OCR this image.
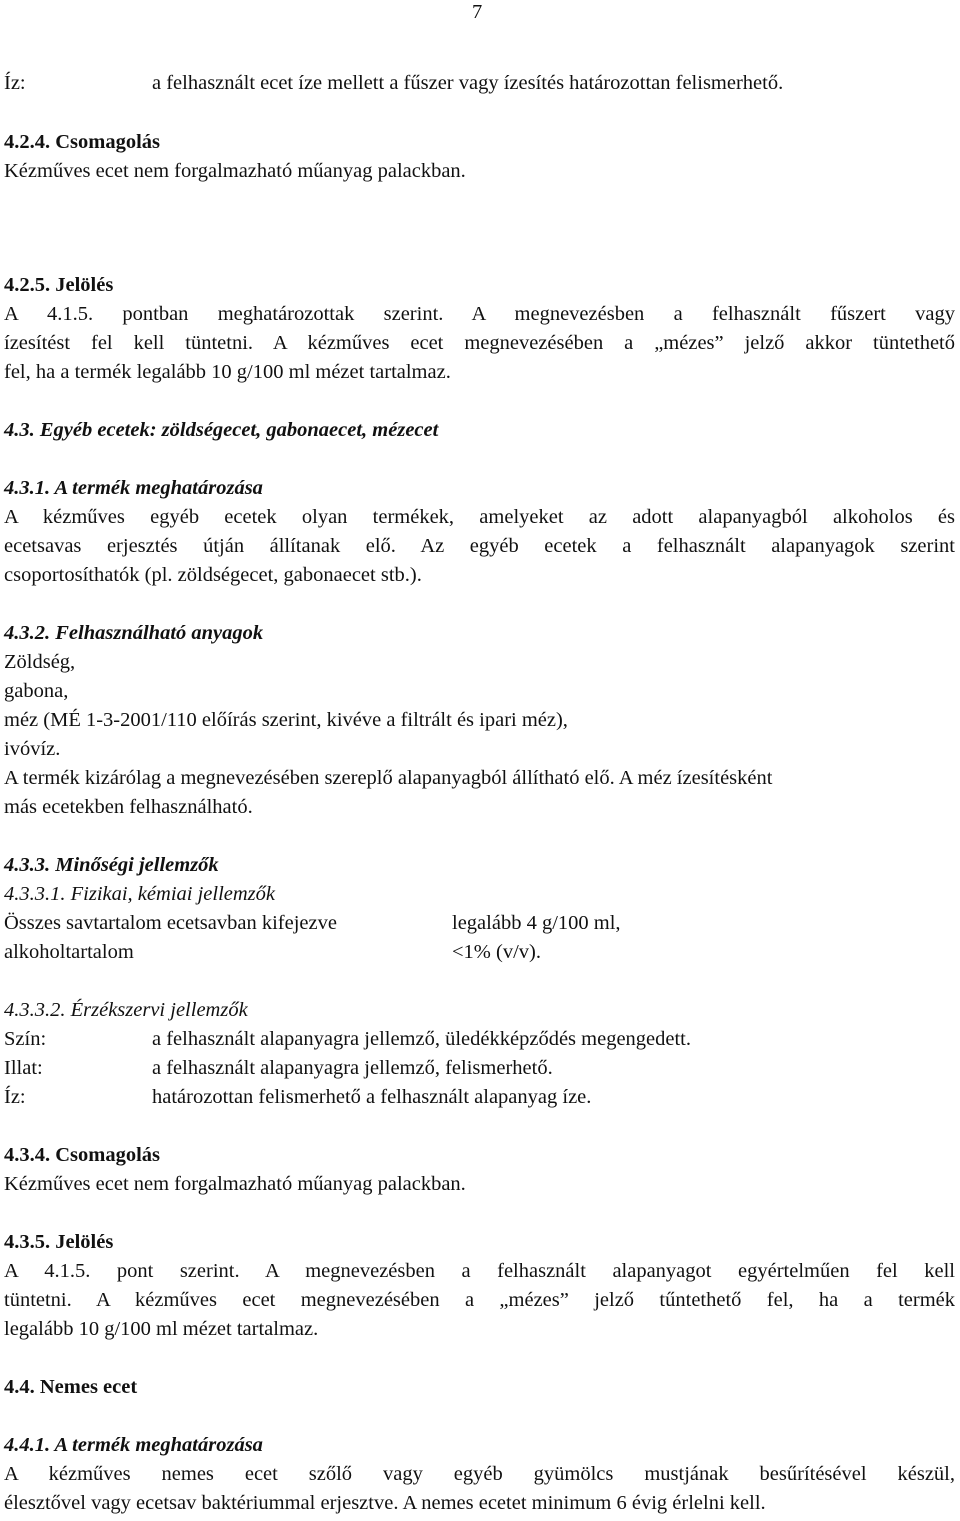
7
Íz:	a felhasznált ecet íze mellett a fűszer vagy ízesítés határozottan felismerhető.
4.2.4. Csomagolás
Kézműves ecet nem forgalmazható műanyag palackban.
4.2.5. Jelölés
A 4.1.5. pontban meghatározottak szerint. A megnevezésben a felhasznált fűszert vagy
ízesítést fel kell tüntetni. A kézműves ecet megnevezésében a „mézes” jelző akkor tüntethető
fel, ha a termék legalább 10 g/100 ml mézet tartalmaz.
4.3. Egyéb ecetek: zöldségecet, gabonaecet, mézecet
4.3.1. A termék meghatározása
A kézműves egyéb ecetek olyan termékek, amelyeket az adott alapanyagból alkoholos és
ecetsavas erjesztés útján állítanak elő. Az egyéb ecetek a felhasznált alapanyagok szerint
csoportosíthatók (pl. zöldségecet, gabonaecet stb.).
4.3.2. Felhasználható anyagok
Zöldség,
gabona,
méz (MÉ 1-3-2001/110 előírás szerint, kivéve a filtrált és ipari méz),
ivóvíz.
A termék kizárólag a megnevezésében szereplő alapanyagból állítható elő. A méz ízesítésként
más ecetekben felhasználható.
4.3.3. Minőségi jellemzők
4.3.3.1. Fizikai, kémiai jellemzők
Összes savtartalom ecetsavban kifejezve	legalább 4 g/100 ml,
alkoholtartalom	<1% (v/v).
4.3.3.2. Érzékszervi jellemzők
Szín:	a felhasznált alapanyagra jellemző, üledékképződés megengedett.
Illat:	a felhasznált alapanyagra jellemző, felismerhető.
Íz:	határozottan felismerhető a felhasznált alapanyag íze.
4.3.4. Csomagolás
Kézműves ecet nem forgalmazható műanyag palackban.
4.3.5. Jelölés
A 4.1.5. pont szerint. A megnevezésben a felhasznált alapanyagot egyértelműen fel kell
tüntetni. A kézműves ecet megnevezésében a „mézes” jelző tűntethető fel, ha a termék
legalább 10 g/100 ml mézet tartalmaz.
4.4. Nemes ecet
4.4.1. A termék meghatározása
A kézműves nemes ecet szőlő vagy egyéb gyümölcs mustjának besűrítésével készül,
élesztővel vagy ecetsav baktériummal erjesztve. A nemes ecetet minimum 6 évig érlelni kell.
